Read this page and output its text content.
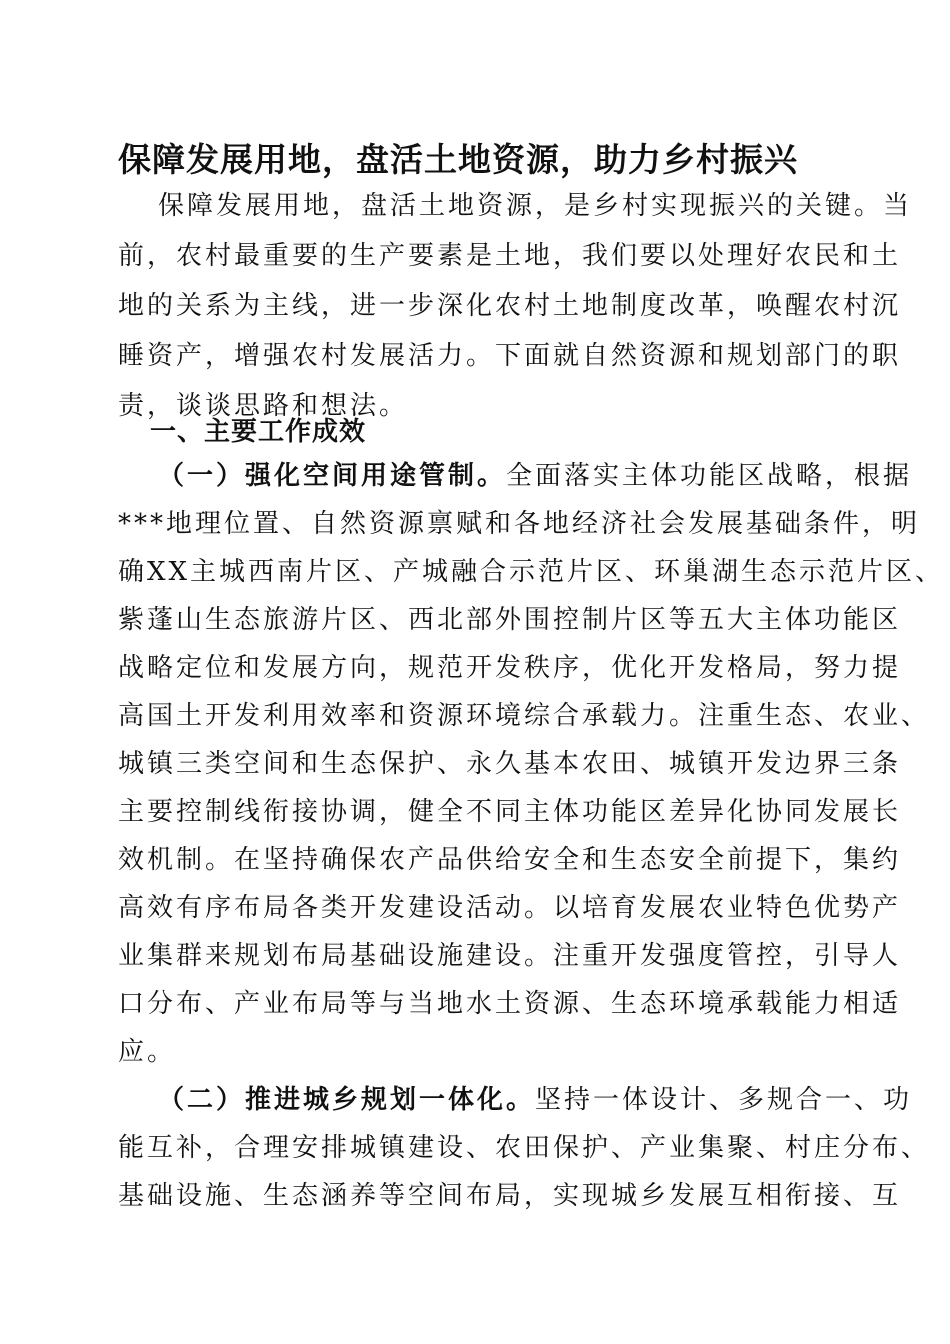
保障发展用地，盘活土地资源，助力乡村振兴
保障发展用地，盘活土地资源，是乡村实现振兴的关键。当
前，农村最重要的生产要素是土地，我们要以处理好农民和土
地的关系为主线，进一步深化农村土地制度改革，唤醒农村沉
睡资产，增强农村发展活力。下面就自然资源和规划部门的职
责，谈谈思路和想法。
一、主要工作成效
（一）强化空间用途管制。全面落实主体功能区战略，根据
***地理位置、自然资源禀赋和各地经济社会发展基础条件，明
确XX主城西南片区、产城融合示范片区、环巢湖生态示范片区、
紫蓬山生态旅游片区、西北部外围控制片区等五大主体功能区
战略定位和发展方向，规范开发秩序，优化开发格局，努力提
高国土开发利用效率和资源环境综合承载力。注重生态、农业、
城镇三类空间和生态保护、永久基本农田、城镇开发边界三条
主要控制线衔接协调，健全不同主体功能区差异化协同发展长
效机制。在坚持确保农产品供给安全和生态安全前提下，集约
高效有序布局各类开发建设活动。以培育发展农业特色优势产
业集群来规划布局基础设施建设。注重开发强度管控，引导人
口分布、产业布局等与当地水土资源、生态环境承载能力相适
应。
（二）推进城乡规划一体化。坚持一体设计、多规合一、功
能互补，合理安排城镇建设、农田保护、产业集聚、村庄分布、
基础设施、生态涵养等空间布局，实现城乡发展互相衔接、互
